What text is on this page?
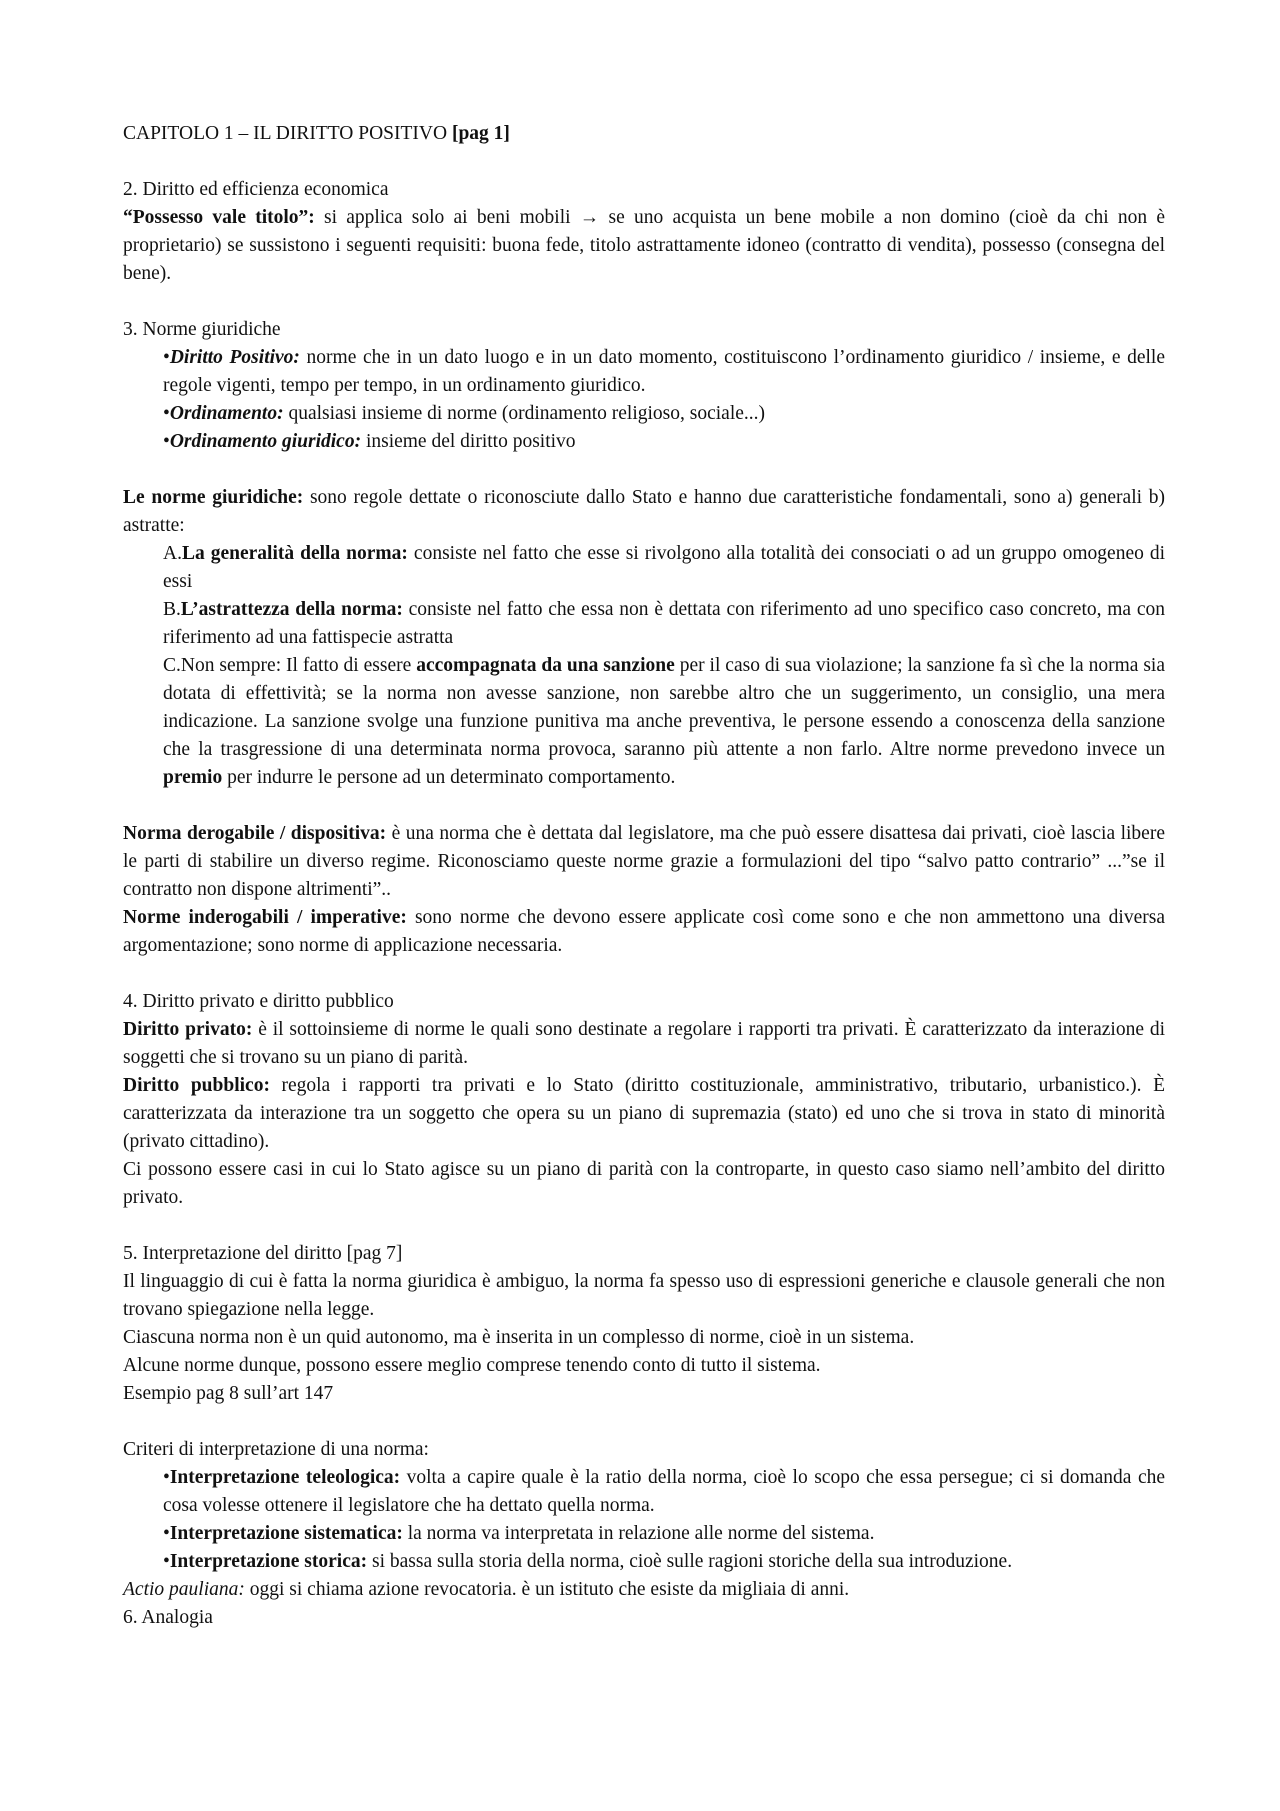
CAPITOLO 1 – IL DIRITTO POSITIVO [pag 1]

2. Diritto ed efficienza economica

“Possesso vale titolo”: si applica solo ai beni mobili → se uno acquista un bene mobile a non domino (cioè da chi non è proprietario) se sussistono i seguenti requisiti: buona fede, titolo astrattamente idoneo (contratto di vendita), possesso (consegna del bene).

3. Norme giuridiche

•Diritto Positivo: norme che in un dato luogo e in un dato momento, costituiscono l’ordinamento giuridico / insieme, e delle regole vigenti, tempo per tempo, in un ordinamento giuridico.

•Ordinamento: qualsiasi insieme di norme (ordinamento religioso, sociale...)

•Ordinamento giuridico: insieme del diritto positivo

Le norme giuridiche: sono regole dettate o riconosciute dallo Stato e hanno due caratteristiche fondamentali, sono a) generali b) astratte:

A.La generalità della norma: consiste nel fatto che esse si rivolgono alla totalità dei consociati o ad un gruppo omogeneo di essi

B.L’astrattezza della norma: consiste nel fatto che essa non è dettata con riferimento ad uno specifico caso concreto, ma con riferimento ad una fattispecie astratta

C.Non sempre: Il fatto di essere accompagnata da una sanzione per il caso di sua violazione; la sanzione fa sì che la norma sia dotata di effettività; se la norma non avesse sanzione, non sarebbe altro che un suggerimento, un consiglio, una mera indicazione. La sanzione svolge una funzione punitiva ma anche preventiva, le persone essendo a conoscenza della sanzione che la trasgressione di una determinata norma provoca, saranno più attente a non farlo. Altre norme prevedono invece un premio per indurre le persone ad un determinato comportamento.

Norma derogabile / dispositiva: è una norma che è dettata dal legislatore, ma che può essere disattesa dai privati, cioè lascia libere le parti di stabilire un diverso regime. Riconosciamo queste norme grazie a formulazioni del tipo “salvo patto contrario” ...”se il contratto non dispone altrimenti”..

Norme inderogabili / imperative: sono norme che devono essere applicate così come sono e che non ammettono una diversa argomentazione; sono norme di applicazione necessaria.

4. Diritto privato e diritto pubblico

Diritto privato: è il sottoinsieme di norme le quali sono destinate a regolare i rapporti tra privati. È caratterizzato da interazione di soggetti che si trovano su un piano di parità.

Diritto pubblico: regola i rapporti tra privati e lo Stato (diritto costituzionale, amministrativo, tributario, urbanistico.). È caratterizzata da interazione tra un soggetto che opera su un piano di supremazia (stato) ed uno che si trova in stato di minorità (privato cittadino).

Ci possono essere casi in cui lo Stato agisce su un piano di parità con la controparte, in questo caso siamo nell’ambito del diritto privato.

5. Interpretazione del diritto [pag 7]

Il linguaggio di cui è fatta la norma giuridica è ambiguo, la norma fa spesso uso di espressioni generiche e clausole generali che non trovano spiegazione nella legge.

Ciascuna norma non è un quid autonomo, ma è inserita in un complesso di norme, cioè in un sistema.

Alcune norme dunque, possono essere meglio comprese tenendo conto di tutto il sistema.

Esempio pag 8 sull’art 147

Criteri di interpretazione di una norma:

•Interpretazione teleologica: volta a capire quale è la ratio della norma, cioè lo scopo che essa persegue; ci si domanda che cosa volesse ottenere il legislatore che ha dettato quella norma.

•Interpretazione sistematica: la norma va interpretata in relazione alle norme del sistema.

•Interpretazione storica: si bassa sulla storia della norma, cioè sulle ragioni storiche della sua introduzione.

Actio pauliana: oggi si chiama azione revocatoria. è un istituto che esiste da migliaia di anni.

6. Analogia
